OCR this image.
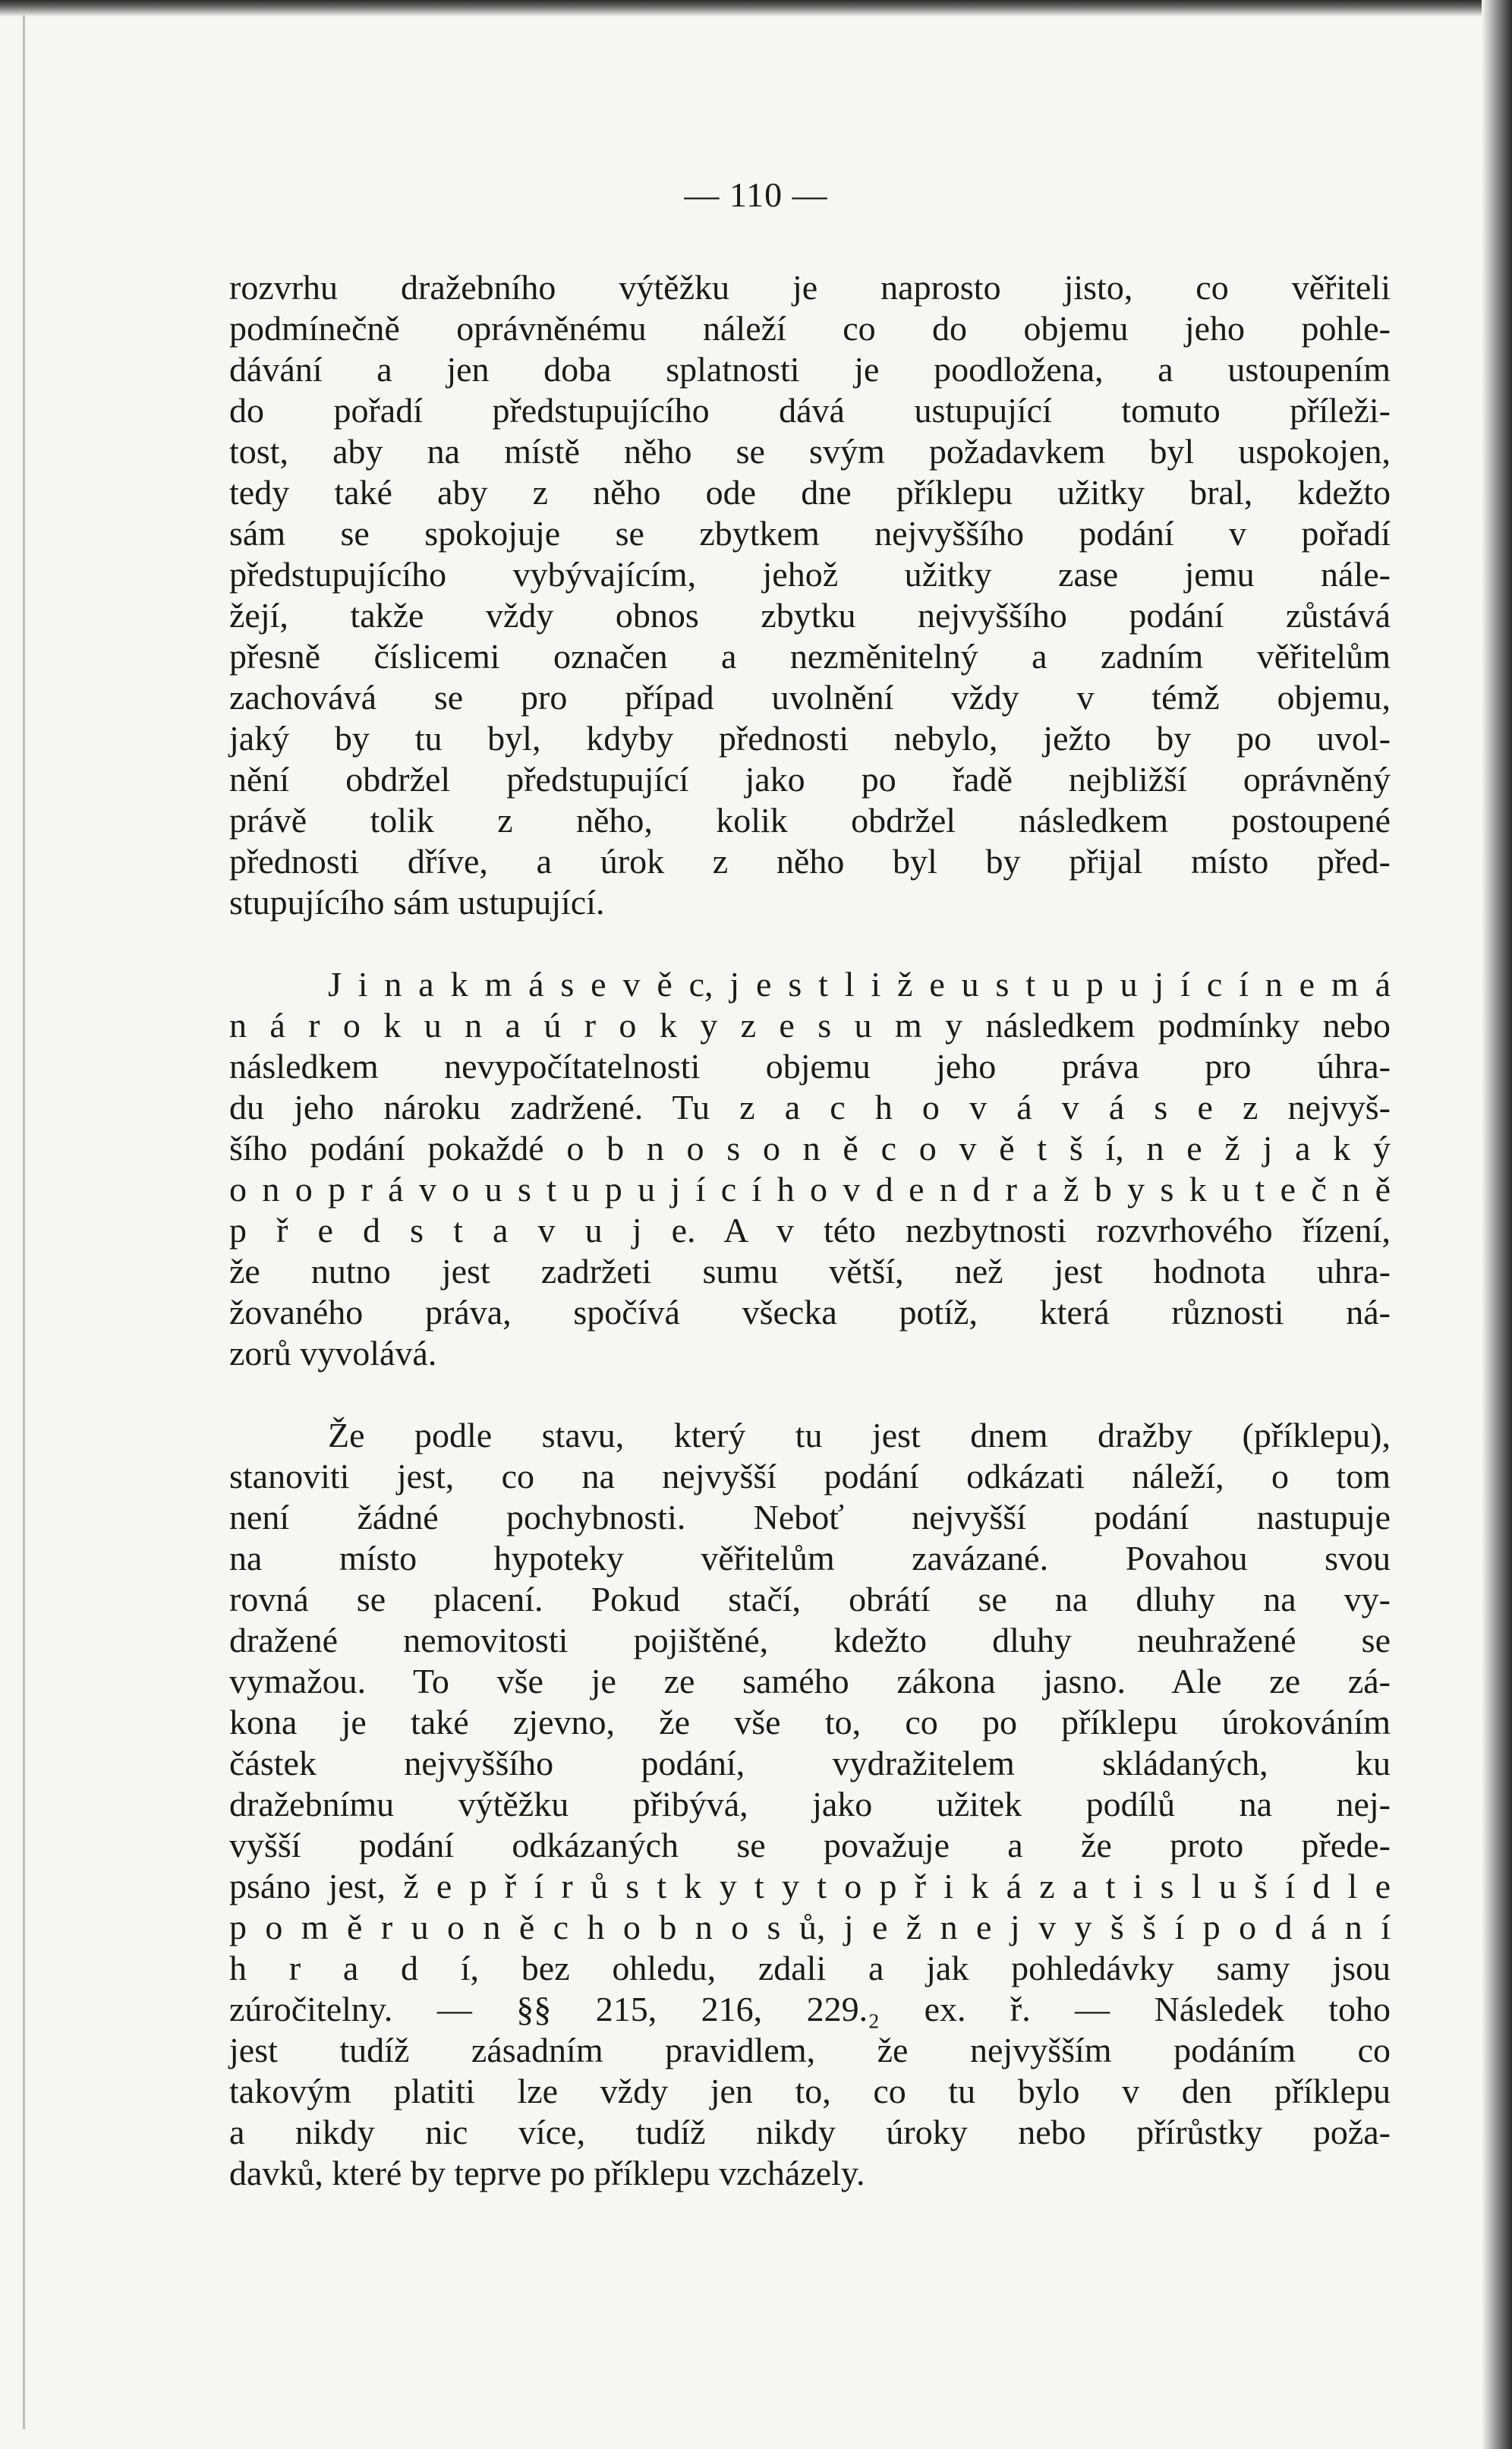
— 110 —
rozvrhu dražebního výtěžku je naprosto jisto, co věřiteli
podmínečně oprávněnému náleží co do objemu jeho pohle-
dávání a jen doba splatnosti je poodložena, a ustoupením
do pořadí předstupujícího dává ustupující tomuto příleži-
tost, aby na místě něho se svým požadavkem byl uspokojen,
tedy také aby z něho ode dne příklepu užitky bral, kdežto
sám se spokojuje se zbytkem nejvyššího podání v pořadí
předstupujícího vybývajícím, jehož užitky zase jemu nále-
žejí, takže vždy obnos zbytku nejvyššího podání zůstává
přesně číslicemi označen a nezměnitelný a zadním věřitelům
zachovává se pro případ uvolnění vždy v témž objemu,
jaký by tu byl, kdyby přednosti nebylo, ježto by po uvol-
nění obdržel předstupující jako po řadě nejbližší oprávněný
právě tolik z něho, kolik obdržel následkem postoupené
přednosti dříve, a úrok z něho byl by přijal místo před-
stupujícího sám ustupující.
J i n a k m á s e v ě c, j e s t l i ž e u s t u p u j í c í n e m á
n á r o k u n a ú r o k y z e s u m y následkem podmínky nebo
následkem nevypočítatelnosti objemu jeho práva pro úhra-
du jeho nároku zadržené. Tu z a c h o v á v á s e z nejvyš-
šího podání pokaždé o b n o s o n ě c o v ě t š í, n e ž j a k ý
o n o p r á v o u s t u p u j í c í h o v d e n d r a ž b y s k u t e č n ě
p ř e d s t a v u j e. A v této nezbytnosti rozvrhového řízení,
že nutno jest zadržeti sumu větší, než jest hodnota uhra-
žovaného práva, spočívá všecka potíž, která různosti ná-
zorů vyvolává.
Že podle stavu, který tu jest dnem dražby (příklepu),
stanoviti jest, co na nejvyšší podání odkázati náleží, o tom
není žádné pochybnosti. Neboť nejvyšší podání nastupuje
na místo hypoteky věřitelům zavázané. Povahou svou
rovná se placení. Pokud stačí, obrátí se na dluhy na vy-
dražené nemovitosti pojištěné, kdežto dluhy neuhražené se
vymažou. To vše je ze samého zákona jasno. Ale ze zá-
kona je také zjevno, že vše to, co po příklepu úrokováním
částek nejvyššího podání, vydražitelem skládaných, ku
dražebnímu výtěžku přibývá, jako užitek podílů na nej-
vyšší podání odkázaných se považuje a že proto přede-
psáno jest, ž e p ř í r ů s t k y t y t o p ř i k á z a t i s l u š í d l e
p o m ě r u o n ě c h o b n o s ů, j e ž n e j v y š š í p o d á n í
h r a d í, bez ohledu, zdali a jak pohledávky samy jsou
zúročitelny. — §§ 215, 216, 229.₂ ex. ř. — Následek toho
jest tudíž zásadním pravidlem, že nejvyšším podáním co
takovým platiti lze vždy jen to, co tu bylo v den příklepu
a nikdy nic více, tudíž nikdy úroky nebo přírůstky poža-
davků, které by teprve po příklepu vzcházely.
